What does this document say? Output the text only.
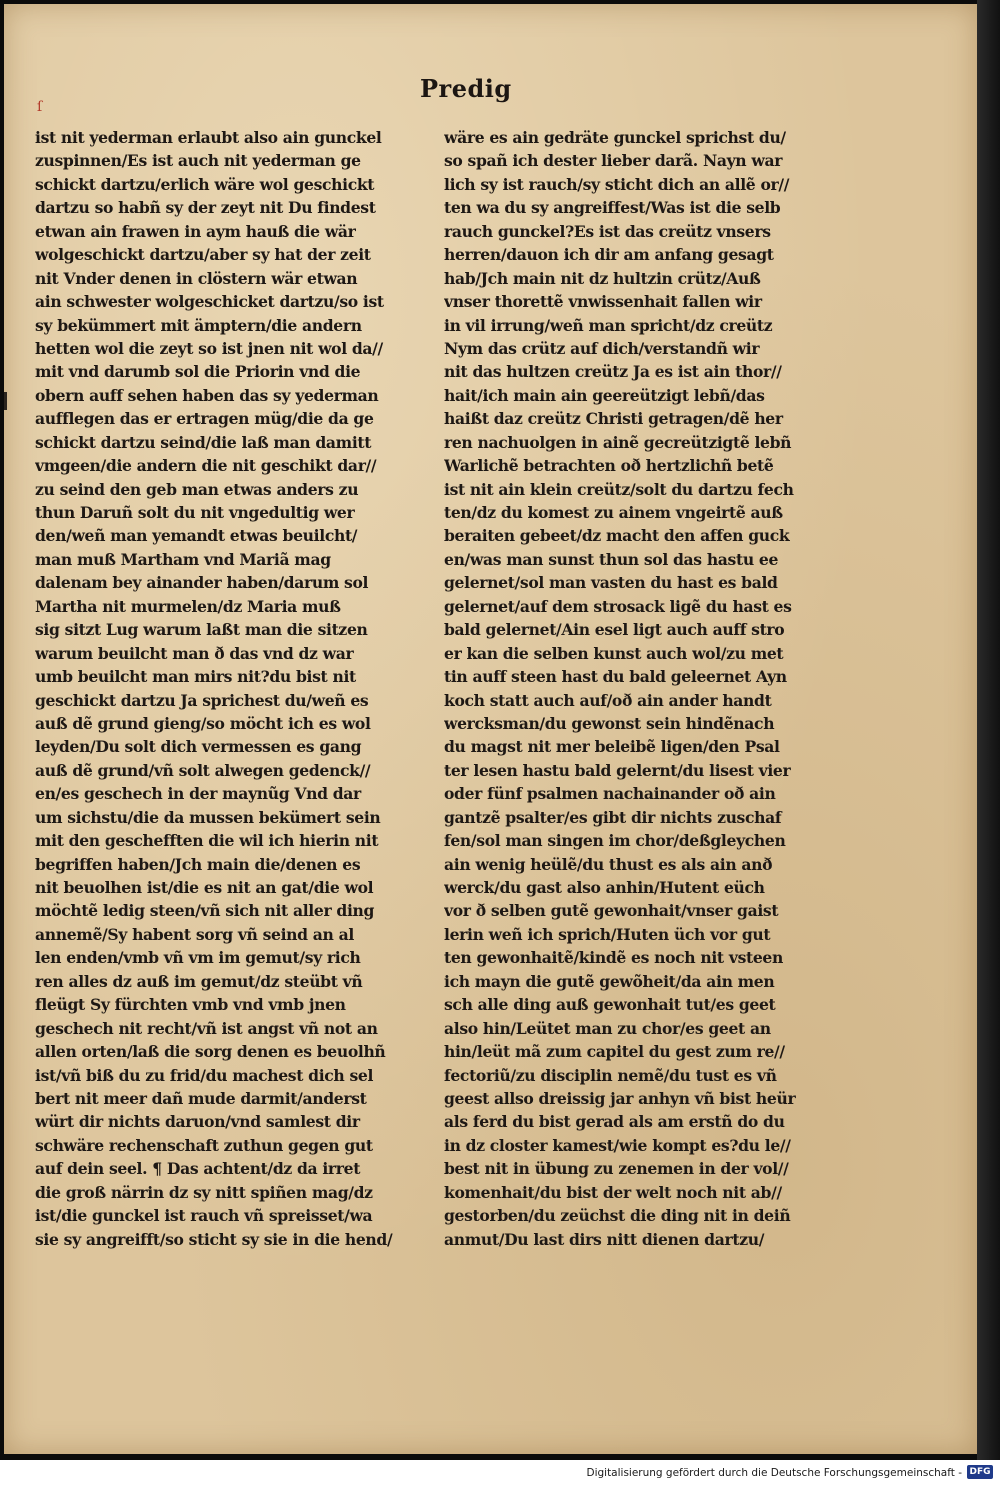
Predig
ſ
ist nit yederman erlaubt also ain gunckel
zuspinnen/Es ist auch nit yederman ge
schickt dartzu/erlich wäre wol geschickt
dartzu so habñ sy der zeyt nit Du findest
etwan ain frawen in aym hauß die wär
wolgeschickt dartzu/aber sy hat der zeit
nit Vnder denen in clöstern wär etwan
ain schwester wolgeschicket dartzu/so ist
sy bekümmert mit ämptern/die andern
hetten wol die zeyt so ist jnen nit wol da//
mit vnd darumb sol die Priorin vnd die
obern auff sehen haben das sy yederman
aufflegen das er ertragen müg/die da ge
schickt dartzu seind/die laß man damitt
vmgeen/die andern die nit geschikt dar//
zu seind den geb man etwas anders zu
thun Daruñ solt du nit vngedultig wer
den/weñ man yemandt etwas beuilcht/
man muß Martham vnd Mariã mag
dalenam bey ainander haben/darum sol
Martha nit murmelen/dz Maria muß
sig sitzt Lug warum laßt man die sitzen
warum beuilcht man ð das vnd dz war
umb beuilcht man mirs nit?du bist nit
geschickt dartzu Ja sprichest du/weñ es
auß dẽ grund gieng/so möcht ich es wol
leyden/Du solt dich vermessen es gang
auß dẽ grund/vñ solt alwegen gedenck//
en/es geschech in der maynũg Vnd dar
um sichstu/die da mussen bekümert sein
mit den geschefften die wil ich hierin nit
begriffen haben/Jch main die/denen es
nit beuolhen ist/die es nit an gat/die wol
möchtẽ ledig steen/vñ sich nit aller ding
annemẽ/Sy habent sorg vñ seind an al
len enden/vmb vñ vm im gemut/sy rich
ren alles dz auß im gemut/dz steübt vñ
fleügt Sy fürchten vmb vnd vmb jnen
geschech nit recht/vñ ist angst vñ not an
allen orten/laß die sorg denen es beuolhñ
ist/vñ biß du zu frid/du machest dich sel
bert nit meer dañ mude darmit/anderst
würt dir nichts daruon/vnd samlest dir
schwäre rechenschaft zuthun gegen gut
auf dein seel. ¶ Das achtent/dz da irret
die groß närrin dz sy nitt spiñen mag/dz
ist/die gunckel ist rauch vñ spreisset/wa
sie sy angreifft/so sticht sy sie in die hend/
wäre es ain gedräte gunckel sprichst du/
so spañ ich dester lieber darã. Nayn war
lich sy ist rauch/sy sticht dich an allẽ or//
ten wa du sy angreiffest/Was ist die selb
rauch gunckel?Es ist das creütz vnsers
herren/dauon ich dir am anfang gesagt
hab/Jch main nit dz hultzin crütz/Auß
vnser thorettẽ vnwissenhait fallen wir
in vil irrung/weñ man spricht/dz creütz
Nym das crütz auf dich/verstandñ wir
nit das hultzen creütz Ja es ist ain thor//
hait/ich main ain geereützigt lebñ/das
haißt daz creütz Christi getragen/dẽ her
ren nachuolgen in ainẽ gecreützigtẽ lebñ
Warlichẽ betrachten oð hertzlichñ betẽ
ist nit ain klein creütz/solt du dartzu fech
ten/dz du komest zu ainem vngeirtẽ auß
beraiten gebeet/dz macht den affen guck
en/was man sunst thun sol das hastu ee
gelernet/sol man vasten du hast es bald
gelernet/auf dem strosack ligẽ du hast es
bald gelernet/Ain esel ligt auch auff stro
er kan die selben kunst auch wol/zu met
tin auff steen hast du bald geleernet Ayn
koch statt auch auf/oð ain ander handt
wercksman/du gewonst sein hindẽnach
du magst nit mer beleibẽ ligen/den Psal
ter lesen hastu bald gelernt/du lisest vier
oder fünf psalmen nachainander oð ain
gantzẽ psalter/es gibt dir nichts zuschaf
fen/sol man singen im chor/deßgleychen
ain wenig heülẽ/du thust es als ain anð
werck/du gast also anhin/Hutent eüch
vor ð selben gutẽ gewonhait/vnser gaist
lerin weñ ich sprich/Huten üch vor gut
ten gewonhaitẽ/kindẽ es noch nit vsteen
ich mayn die gutẽ gewõheit/da ain men
sch alle ding auß gewonhait tut/es geet
also hin/Leütet man zu chor/es geet an
hin/leüt mã zum capitel du gest zum re//
fectoriũ/zu disciplin nemẽ/du tust es vñ
geest allso dreissig jar anhyn vñ bist heür
als ferd du bist gerad als am erstñ do du
in dz closter kamest/wie kompt es?du le//
best nit in übung zu zenemen in der vol//
komenhait/du bist der welt noch nit ab//
gestorben/du zeüchst die ding nit in deiñ
anmut/Du last dirs nitt dienen dartzu/
Digitalisierung gefördert durch die Deutsche Forschungsgemeinschaft - DFG
